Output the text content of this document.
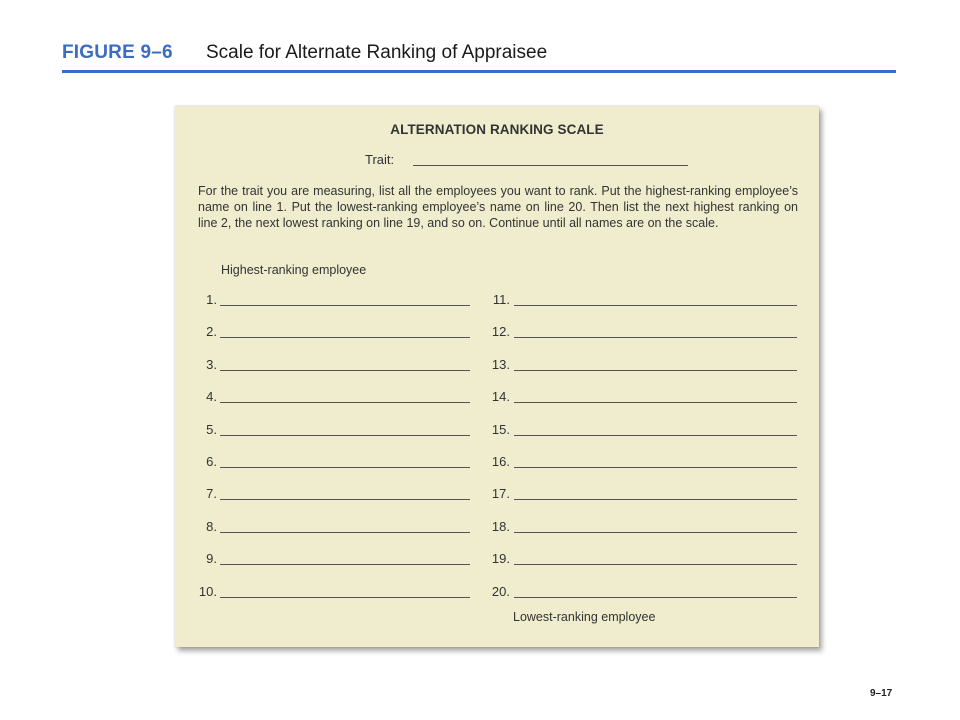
FIGURE 9–6 Scale for Alternate Ranking of Appraisee
ALTERNATION RANKING SCALE
Trait:
For the trait you are measuring, list all the employees you want to rank. Put the highest-ranking employee’s name on line 1. Put the lowest-ranking employee’s name on line 20. Then list the next highest ranking on line 2, the next lowest ranking on line 19, and so on. Continue until all names are on the scale.
Highest-ranking employee
1.
2.
3.
4.
5.
6.
7.
8.
9.
10.
11.
12.
13.
14.
15.
16.
17.
18.
19.
20.
Lowest-ranking employee
9–17
